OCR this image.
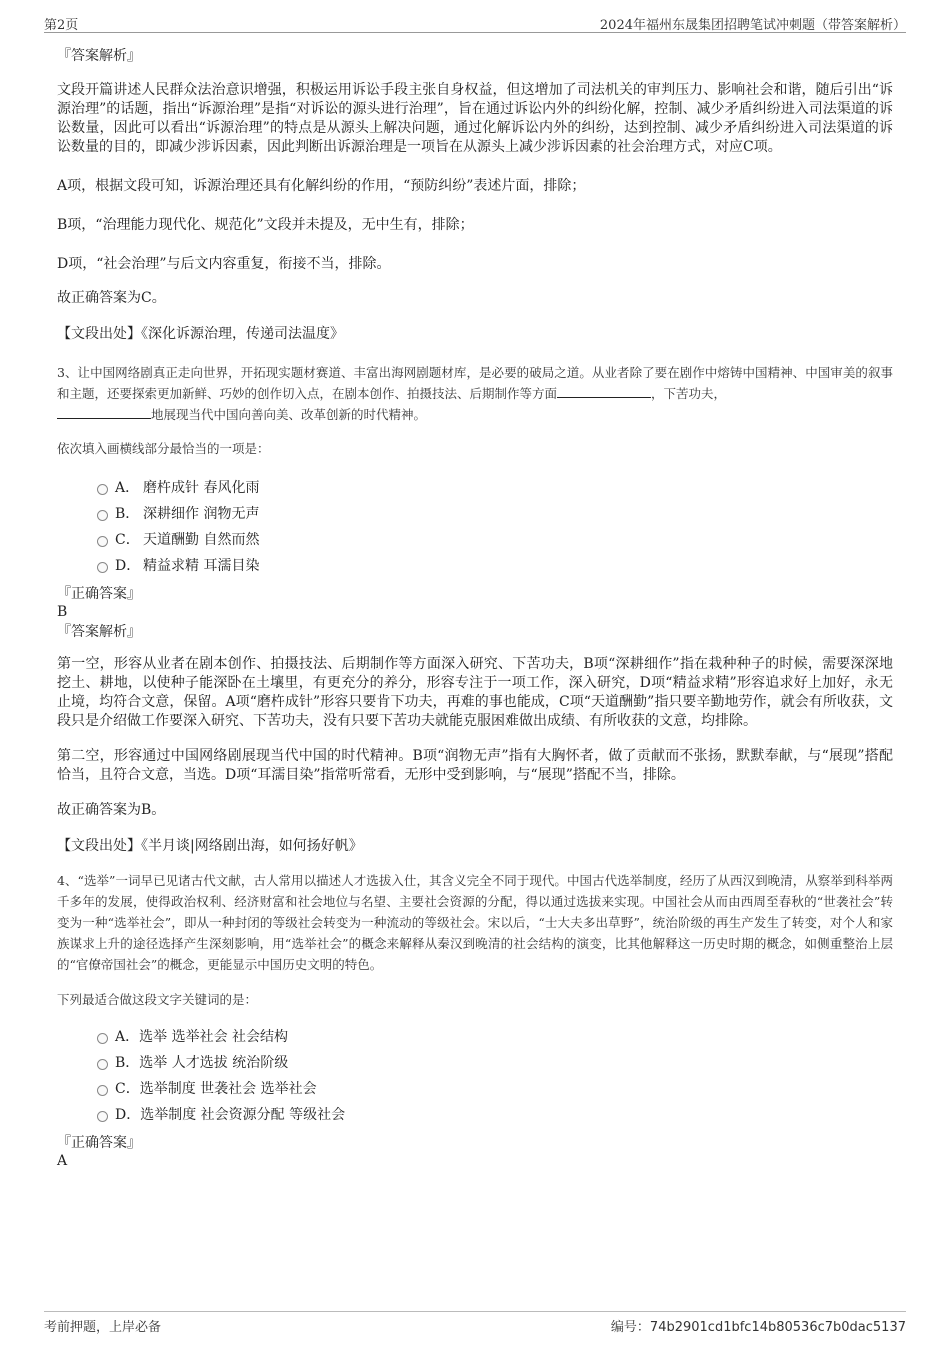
第2页	2024年福州东晟集团招聘笔试冲刺题（带答案解析）

『答案解析』

文段开篇讲述人民群众法治意识增强，积极运用诉讼手段主张自身权益，但这增加了司法机关的审判压力、影响社会和谐，随后引出“诉源治理”的话题，指出“诉源治理”是指“对诉讼的源头进行治理”，旨在通过诉讼内外的纠纷化解，控制、减少矛盾纠纷进入司法渠道的诉讼数量，因此可以看出“诉源治理”的特点是从源头上解决问题，通过化解诉讼内外的纠纷，达到控制、减少矛盾纠纷进入司法渠道的诉讼数量的目的，即减少涉诉因素，因此判断出诉源治理是一项旨在从源头上减少涉诉因素的社会治理方式，对应C项。

A项，根据文段可知，诉源治理还具有化解纠纷的作用，“预防纠纷”表述片面，排除；

B项，“治理能力现代化、规范化”文段并未提及，无中生有，排除；

D项，“社会治理”与后文内容重复，衔接不当，排除。

故正确答案为C。

【文段出处】《深化诉源治理，传递司法温度》

3、让中国网络剧真正走向世界，开拓现实题材赛道、丰富出海网剧题材库，是必要的破局之道。从业者除了要在剧作中熔铸中国精神、中国审美的叙事和主题，还要探索更加新鲜、巧妙的创作切入点，在剧本创作、拍摄技法、后期制作等方面	，下苦功夫，
地展现当代中国向善向美、改革创新的时代精神。

依次填入画横线部分最恰当的一项是：

A． 磨杵成针 春风化雨
B． 深耕细作 润物无声
C． 天道酬勤 自然而然
D． 精益求精 耳濡目染

『正确答案』

B

『答案解析』

第一空，形容从业者在剧本创作、拍摄技法、后期制作等方面深入研究、下苦功夫，B项“深耕细作”指在栽种种子的时候，需要深深地挖土、耕地，以使种子能深卧在土壤里，有更充分的养分，形容专注于一项工作，深入研究，D项“精益求精”形容追求好上加好，永无止境，均符合文意，保留。A项“磨杵成针”形容只要肯下功夫，再难的事也能成，C项“天道酬勤”指只要辛勤地劳作，就会有所收获，文段只是介绍做工作要深入研究、下苦功夫，没有只要下苦功夫就能克服困难做出成绩、有所收获的文意，均排除。

第二空，形容通过中国网络剧展现当代中国的时代精神。B项“润物无声”指有大胸怀者，做了贡献而不张扬，默默奉献，与“展现”搭配恰当，且符合文意，当选。D项“耳濡目染”指常听常看，无形中受到影响，与“展现”搭配不当，排除。

故正确答案为B。

【文段出处】《半月谈|网络剧出海，如何扬好帆》

4、“选举”一词早已见诸古代文献，古人常用以描述人才选拔入仕，其含义完全不同于现代。中国古代选举制度，经历了从西汉到晚清，从察举到科举两千多年的发展，使得政治权利、经济财富和社会地位与名望、主要社会资源的分配，得以通过选拔来实现。中国社会从而由西周至春秋的“世袭社会”转变为一种“选举社会”，即从一种封闭的等级社会转变为一种流动的等级社会。宋以后，“士大夫多出草野”，统治阶级的再生产发生了转变，对个人和家族谋求上升的途径选择产生深刻影响，用“选举社会”的概念来解释从秦汉到晚清的社会结构的演变，比其他解释这一历史时期的概念，如侧重整治上层的“官僚帝国社会”的概念，更能显示中国历史文明的特色。

下列最适合做这段文字关键词的是：

A．选举 选举社会 社会结构
B．选举 人才选拔 统治阶级
C．选举制度 世袭社会 选举社会
D．选举制度 社会资源分配 等级社会

『正确答案』

A

考前押题，上岸必备	编号：74b2901cd1bfc14b80536c7b0dac5137
